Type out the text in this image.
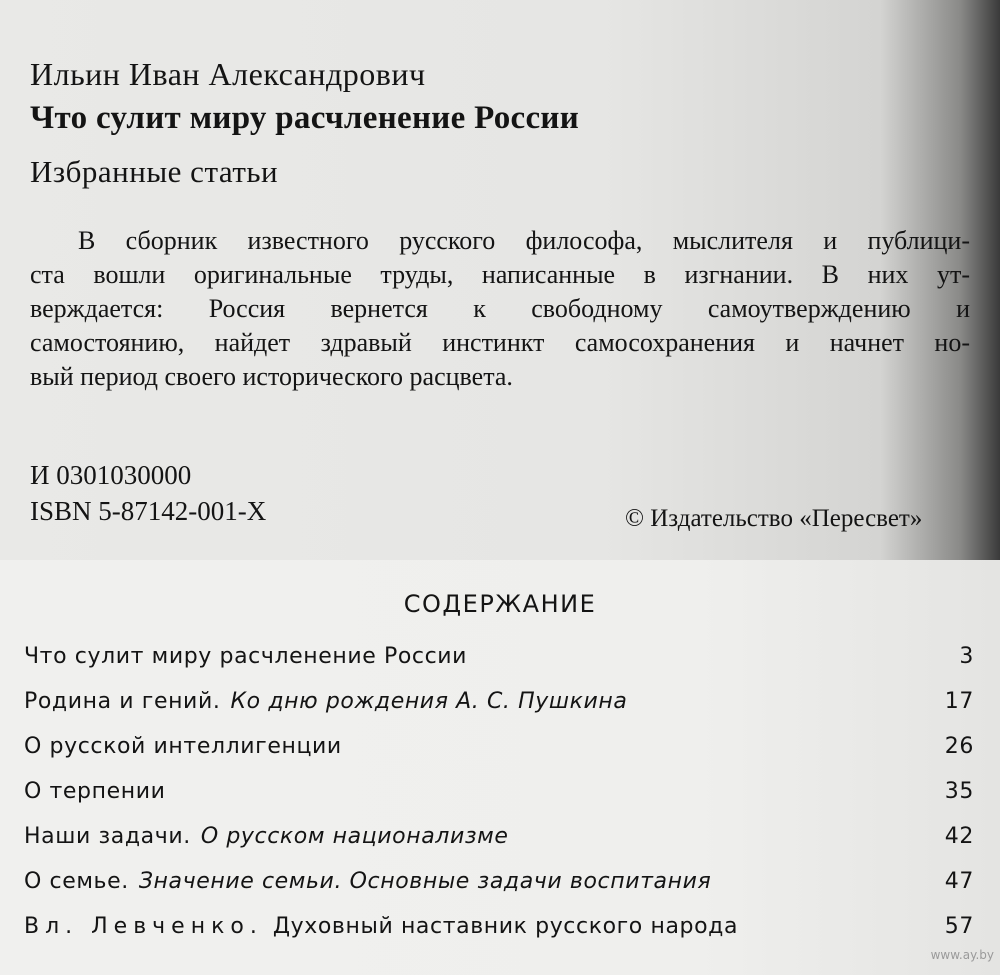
Ильин Иван Александрович
Что сулит миру расчленение России
Избранные статьи
В сборник известного русского философа, мыслителя и публици-
ста вошли оригинальные труды, написанные в изгнании. В них ут-
верждается: Россия вернется к свободному самоутверждению и
самостоянию, найдет здравый инстинкт самосохранения и начнет но-
вый период своего исторического расцвета.
И 0301030000
ISBN 5-87142-001-X	© Издательство «Пересвет»
СОДЕРЖАНИЕ
Что сулит миру расчленение России	3
Родина и гений. Ко дню рождения А. С. Пушкина	17
О русской интеллигенции	26
О терпении	35
Наши задачи. О русском национализме	42
О семье. Значение семьи. Основные задачи воспитания	47
Вл. Левченко. Духовный наставник русского народа	57
www.ay.by
